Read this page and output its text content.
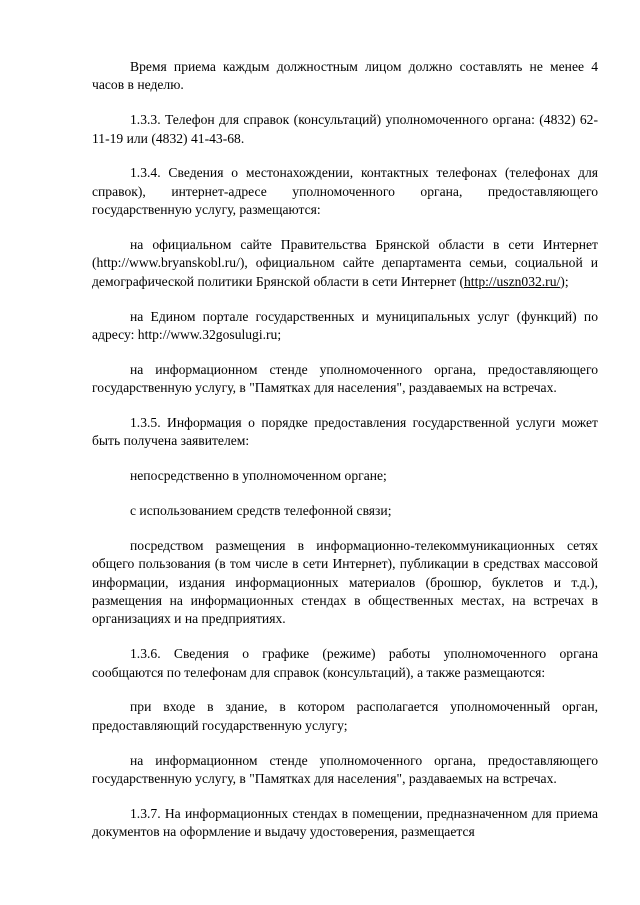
Время приема каждым должностным лицом должно составлять не менее 4 часов в неделю.

1.3.3. Телефон для справок (консультаций) уполномоченного органа: (4832) 62-11-19 или (4832) 41-43-68.

1.3.4. Сведения о местонахождении, контактных телефонах (телефонах для справок), интернет-адресе уполномоченного органа, предоставляющего государственную услугу, размещаются:

на официальном сайте Правительства Брянской области в сети Интернет (http://www.bryanskobl.ru/), официальном сайте департамента семьи, социальной и демографической политики Брянской области в сети Интернет (http://uszn032.ru/);

на Едином портале государственных и муниципальных услуг (функций) по адресу: http://www.32gosulugi.ru;

на информационном стенде уполномоченного органа, предоставляющего государственную услугу, в "Памятках для населения", раздаваемых на встречах.

1.3.5. Информация о порядке предоставления государственной услуги может быть получена заявителем:

непосредственно в уполномоченном органе;

с использованием средств телефонной связи;

посредством размещения в информационно-телекоммуникационных сетях общего пользования (в том числе в сети Интернет), публикации в средствах массовой информации, издания информационных материалов (брошюр, буклетов и т.д.), размещения на информационных стендах в общественных местах, на встречах в организациях и на предприятиях.

1.3.6. Сведения о графике (режиме) работы уполномоченного органа сообщаются по телефонам для справок (консультаций), а также размещаются:

при входе в здание, в котором располагается уполномоченный орган, предоставляющий государственную услугу;

на информационном стенде уполномоченного органа, предоставляющего государственную услугу, в "Памятках для населения", раздаваемых на встречах.

1.3.7. На информационных стендах в помещении, предназначенном для приема документов на оформление и выдачу удостоверения, размещается
